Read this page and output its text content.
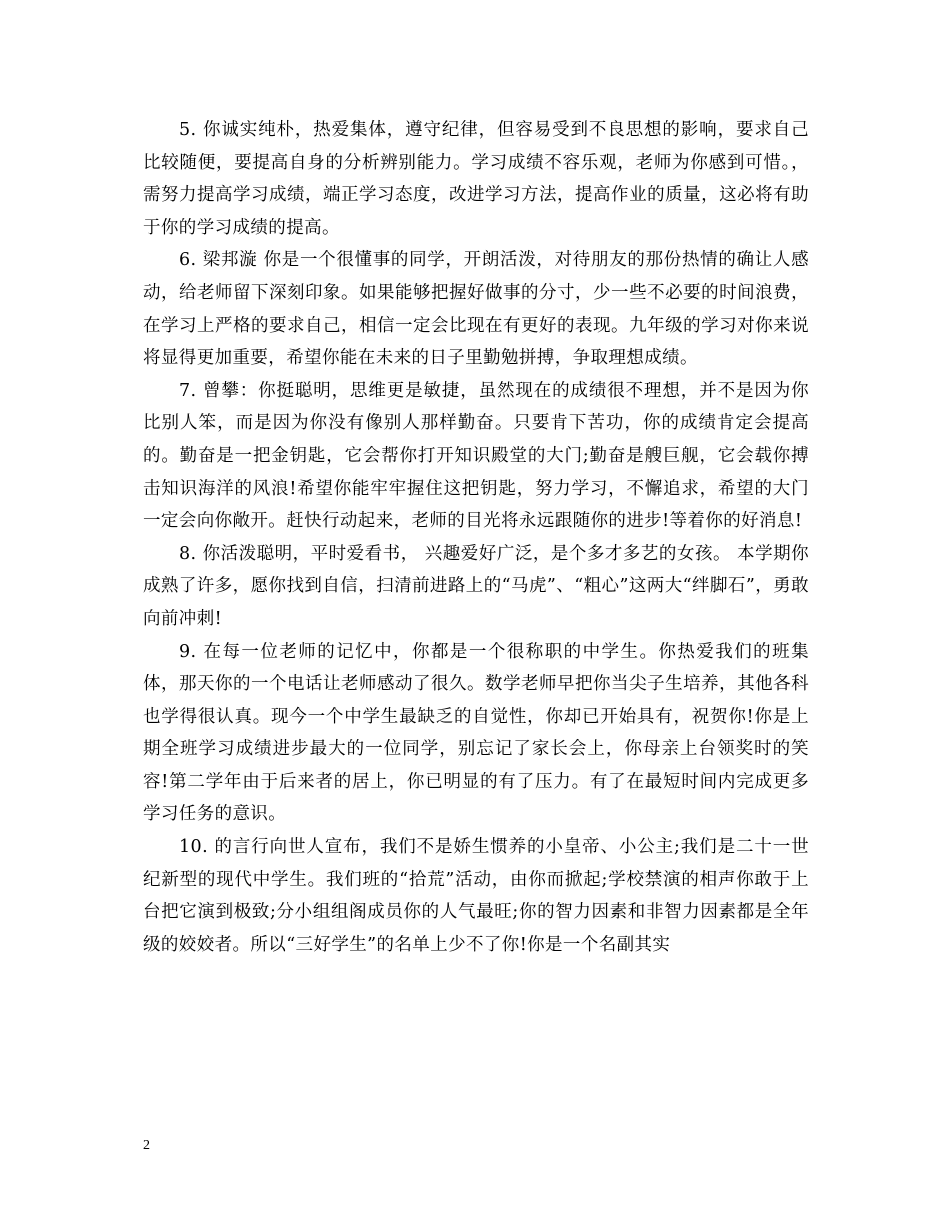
5. 你诚实纯朴，热爱集体，遵守纪律，但容易受到不良思想的影响，要求自己比较随便，要提高自身的分析辨别能力。学习成绩不容乐观，老师为你感到可惜。，需努力提高学习成绩，端正学习态度，改进学习方法，提高作业的质量，这必将有助于你的学习成绩的提高。

6. 梁邦漩 你是一个很懂事的同学，开朗活泼，对待朋友的那份热情的确让人感动，给老师留下深刻印象。如果能够把握好做事的分寸，少一些不必要的时间浪费，在学习上严格的要求自己，相信一定会比现在有更好的表现。九年级的学习对你来说将显得更加重要，希望你能在未来的日子里勤勉拼搏，争取理想成绩。

7. 曾攀：你挺聪明，思维更是敏捷，虽然现在的成绩很不理想，并不是因为你比别人笨，而是因为你没有像别人那样勤奋。只要肯下苦功，你的成绩肯定会提高的。勤奋是一把金钥匙，它会帮你打开知识殿堂的大门;勤奋是艘巨舰，它会载你搏击知识海洋的风浪!希望你能牢牢握住这把钥匙，努力学习，不懈追求，希望的大门一定会向你敞开。赶快行动起来，老师的目光将永远跟随你的进步!等着你的好消息!

8. 你活泼聪明，平时爱看书， 兴趣爱好广泛，是个多才多艺的女孩。 本学期你成熟了许多，愿你找到自信，扫清前进路上的“马虎”、“粗心”这两大“绊脚石”，勇敢向前冲刺!

9. 在每一位老师的记忆中，你都是一个很称职的中学生。你热爱我们的班集体，那天你的一个电话让老师感动了很久。数学老师早把你当尖子生培养，其他各科也学得很认真。现今一个中学生最缺乏的自觉性，你却已开始具有，祝贺你!你是上期全班学习成绩进步最大的一位同学，别忘记了家长会上，你母亲上台领奖时的笑容!第二学年由于后来者的居上，你已明显的有了压力。有了在最短时间内完成更多学习任务的意识。

10. 的言行向世人宣布，我们不是娇生惯养的小皇帝、小公主;我们是二十一世纪新型的现代中学生。我们班的“拾荒”活动，由你而掀起;学校禁演的相声你敢于上台把它演到极致;分小组组阁成员你的人气最旺;你的智力因素和非智力因素都是全年级的姣姣者。所以“三好学生”的名单上少不了你!你是一个名副其实

2
